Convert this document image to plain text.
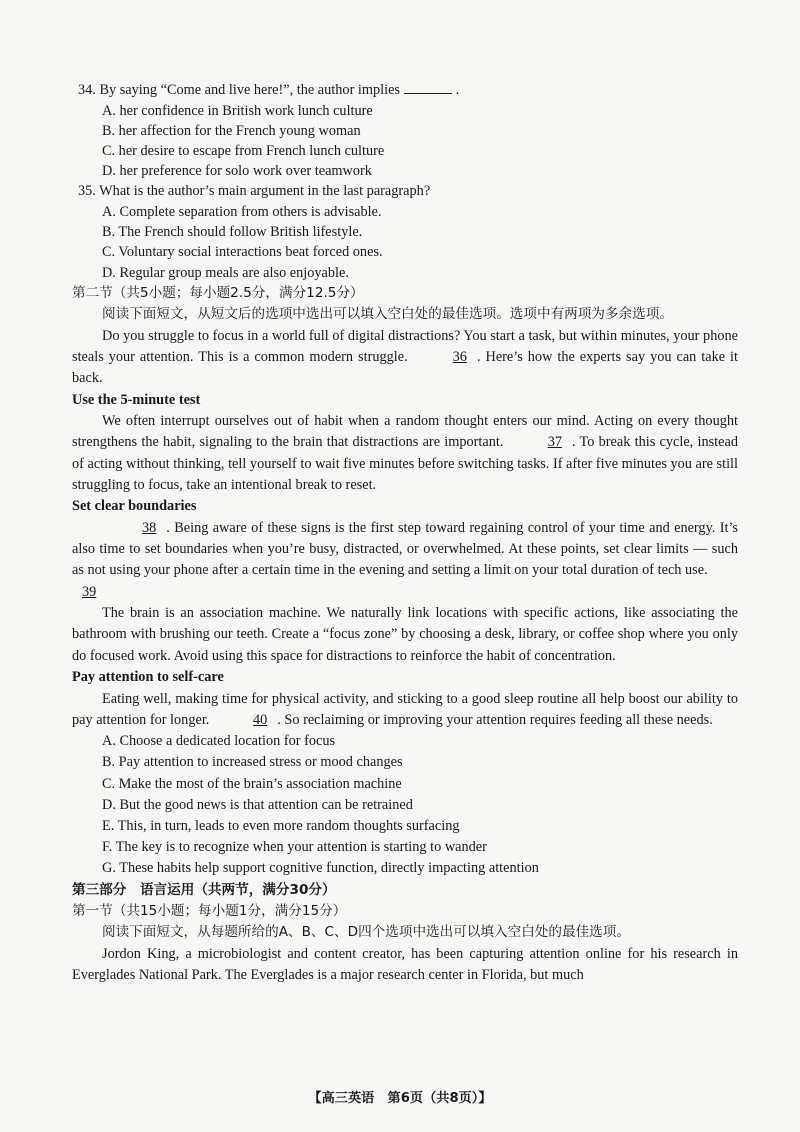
34. By saying “Come and live here!”, the author implies	.

A. her confidence in British work lunch culture

B. her affection for the French young woman

C. her desire to escape from French lunch culture

D. her preference for solo work over teamwork

35. What is the author’s main argument in the last paragraph?

A. Complete separation from others is advisable.

B. The French should follow British lifestyle.

C. Voluntary social interactions beat forced ones.

D. Regular group meals are also enjoyable.

第二节（共5小题；每小题2.5分，满分12.5分）

阅读下面短文，从短文后的选项中选出可以填入空白处的最佳选项。选项中有两项为多余选项。

Do you struggle to focus in a world full of digital distractions? You start a task, but within minutes, your phone steals your attention. This is a common modern struggle.	36 . Here’s how the experts say you can take it back.

Use the 5-minute test

We often interrupt ourselves out of habit when a random thought enters our mind. Acting on every thought strengthens the habit, signaling to the brain that distractions are important.	37 . To break this cycle, instead of acting without thinking, tell yourself to wait five minutes before switching tasks. If after five minutes you are still struggling to focus, take an intentional break to reset.

Set clear boundaries

38 . Being aware of these signs is the first step toward regaining control of your time and energy. It’s also time to set boundaries when you’re busy, distracted, or overwhelmed. At these points, set clear limits — such as not using your phone after a certain time in the evening and setting a limit on your total duration of tech use.

39

The brain is an association machine. We naturally link locations with specific actions, like associating the bathroom with brushing our teeth. Create a “focus zone” by choosing a desk, library, or coffee shop where you only do focused work. Avoid using this space for distractions to reinforce the habit of concentration.

Pay attention to self-care

Eating well, making time for physical activity, and sticking to a good sleep routine all help boost our ability to pay attention for longer.	40 . So reclaiming or improving your attention requires feeding all these needs.

A. Choose a dedicated location for focus

B. Pay attention to increased stress or mood changes

C. Make the most of the brain’s association machine

D. But the good news is that attention can be retrained

E. This, in turn, leads to even more random thoughts surfacing

F. The key is to recognize when your attention is starting to wander

G. These habits help support cognitive function, directly impacting attention

第三部分　语言运用（共两节，满分30分）

第一节（共15小题；每小题1分，满分15分）

阅读下面短文，从每题所给的A、B、C、D四个选项中选出可以填入空白处的最佳选项。

Jordon King, a microbiologist and content creator, has been capturing attention online for his research in Everglades National Park. The Everglades is a major research center in Florida, but much

【高三英语　第6页（共8页）】
